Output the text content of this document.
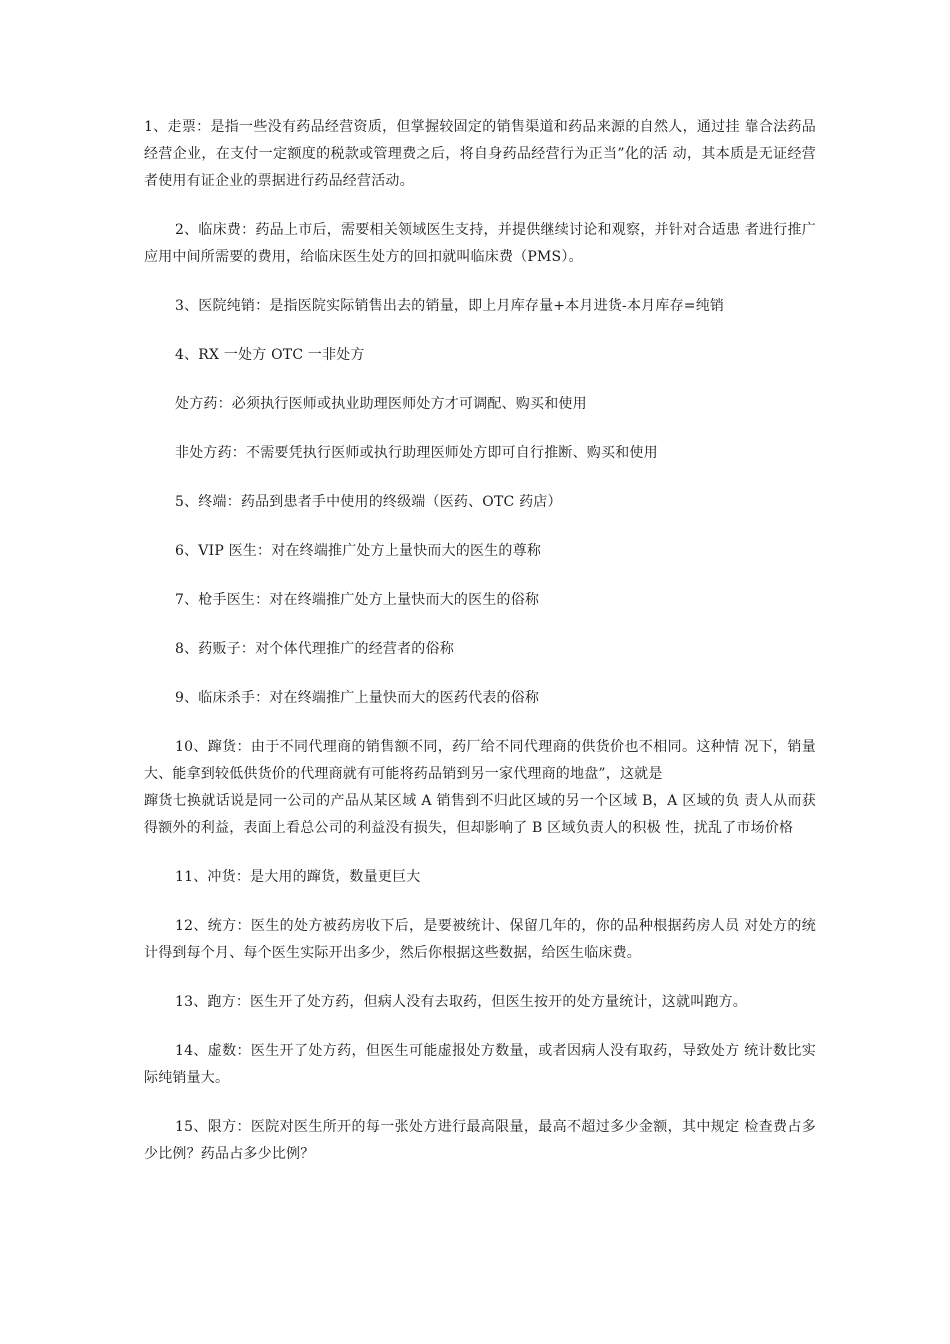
1、走票：是指一些没有药品经营资质，但掌握较固定的销售渠道和药品来源的自然人，通过挂 靠合法药品经营企业，在支付一定额度的税款或管理费之后，将自身药品经营行为正当”化的活 动，其本质是无证经营者使用有证企业的票据进行药品经营活动。

2、临床费：药品上市后，需要相关领域医生支持，并提供继续讨论和观察，并针对合适患 者进行推广应用中间所需要的费用，给临床医生处方的回扣就叫临床费（PMS）。

3、医院纯销：是指医院实际销售出去的销量，即上月库存量+本月进货-本月库存=纯销

4、RX 一处方 OTC 一非处方

处方药：必须执行医师或执业助理医师处方才可调配、购买和使用

非处方药：不需要凭执行医师或执行助理医师处方即可自行推断、购买和使用

5、终端：药品到患者手中使用的终级端（医药、OTC 药店）

6、VIP 医生：对在终端推广处方上量快而大的医生的尊称

7、枪手医生：对在终端推广处方上量快而大的医生的俗称

8、药贩子：对个体代理推广的经营者的俗称

9、临床杀手：对在终端推广上量快而大的医药代表的俗称

10、蹿货：由于不同代理商的销售额不同，药厂给不同代理商的供货价也不相同。这种情 况下，销量大、能拿到较低供货价的代理商就有可能将药品销到另一家代理商的地盘”，这就是

蹿货七换就话说是同一公司的产品从某区域 A 销售到不归此区域的另一个区域 B，A 区域的负 责人从而获得额外的利益，表面上看总公司的利益没有损失，但却影响了 B 区域负责人的积极 性，扰乱了市场价格

11、冲货：是大用的蹿货，数量更巨大

12、统方：医生的处方被药房收下后，是要被统计、保留几年的，你的品种根据药房人员 对处方的统计得到每个月、每个医生实际开出多少，然后你根据这些数据，给医生临床费。

13、跑方：医生开了处方药，但病人没有去取药，但医生按开的处方量统计，这就叫跑方。

14、虚数：医生开了处方药，但医生可能虚报处方数量，或者因病人没有取药，导致处方 统计数比实际纯销量大。

15、限方：医院对医生所开的每一张处方进行最高限量，最高不超过多少金额，其中规定 检查费占多少比例？药品占多少比例？
